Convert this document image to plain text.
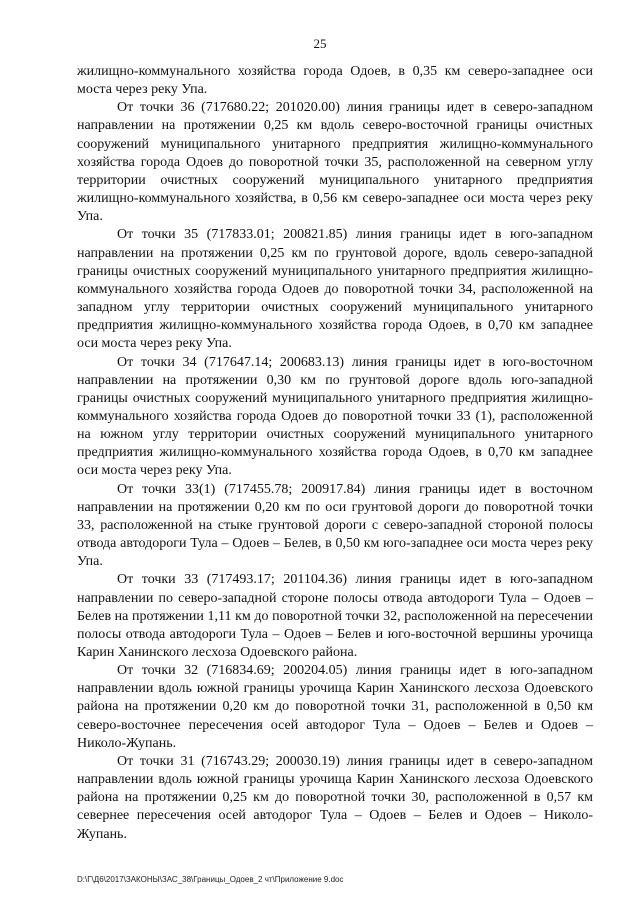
25

жилищно-коммунального хозяйства города Одоев, в 0,35 км северо-западнее оси моста через реку Упа.

От точки 36 (717680.22; 201020.00) линия границы идет в северо-западном направлении на протяжении 0,25 км вдоль северо-восточной границы очистных сооружений муниципального унитарного предприятия жилищно-коммунального хозяйства города Одоев до поворотной точки 35, расположенной на северном углу территории очистных сооружений муниципального унитарного предприятия жилищно-коммунального хозяйства, в 0,56 км северо-западнее оси моста через реку Упа.

От точки 35 (717833.01; 200821.85) линия границы идет в юго-западном направлении на протяжении 0,25 км по грунтовой дороге, вдоль северо-западной границы очистных сооружений муниципального унитарного предприятия жилищно-коммунального хозяйства города Одоев до поворотной точки 34, расположенной на западном углу территории очистных сооружений муниципального унитарного предприятия жилищно-коммунального хозяйства города Одоев, в 0,70 км западнее оси моста через реку Упа.

От точки 34 (717647.14; 200683.13) линия границы идет в юго-восточном направлении на протяжении 0,30 км по грунтовой дороге вдоль юго-западной границы очистных сооружений муниципального унитарного предприятия жилищно-коммунального хозяйства города Одоев до поворотной точки 33 (1), расположенной на южном углу территории очистных сооружений муниципального унитарного предприятия жилищно-коммунального хозяйства города Одоев, в 0,70 км западнее оси моста через реку Упа.

От точки 33(1) (717455.78; 200917.84) линия границы идет в восточном направлении на протяжении 0,20 км по оси грунтовой дороги до поворотной точки 33, расположенной на стыке грунтовой дороги с северо-западной стороной полосы отвода автодороги Тула – Одоев – Белев, в 0,50 км юго-западнее оси моста через реку Упа.

От точки 33 (717493.17; 201104.36) линия границы идет в юго-западном направлении по северо-западной стороне полосы отвода автодороги Тула – Одоев – Белев на протяжении 1,11 км до поворотной точки 32, расположенной на пересечении полосы отвода автодороги Тула – Одоев – Белев и юго-восточной вершины урочища Карин Ханинского лесхоза Одоевского района.

От точки 32 (716834.69; 200204.05) линия границы идет в юго-западном направлении вдоль южной границы урочища Карин Ханинского лесхоза Одоевского района на протяжении 0,20 км до поворотной точки 31, расположенной в 0,50 км северо-восточнее пересечения осей автодорог Тула – Одоев – Белев и Одоев – Николо-Жупань.

От точки 31 (716743.29; 200030.19) линия границы идет в северо-западном направлении вдоль южной границы урочища Карин Ханинского лесхоза Одоевского района на протяжении 0,25 км до поворотной точки 30, расположенной в 0,57 км севернее пересечения осей автодорог Тула – Одоев – Белев и Одоев – Николо-Жупань.

D:\Г\Д6\2017\ЗАКОНЫ\ЗАС_38\Границы_Одоев_2 чт\Приложение 9.doc
